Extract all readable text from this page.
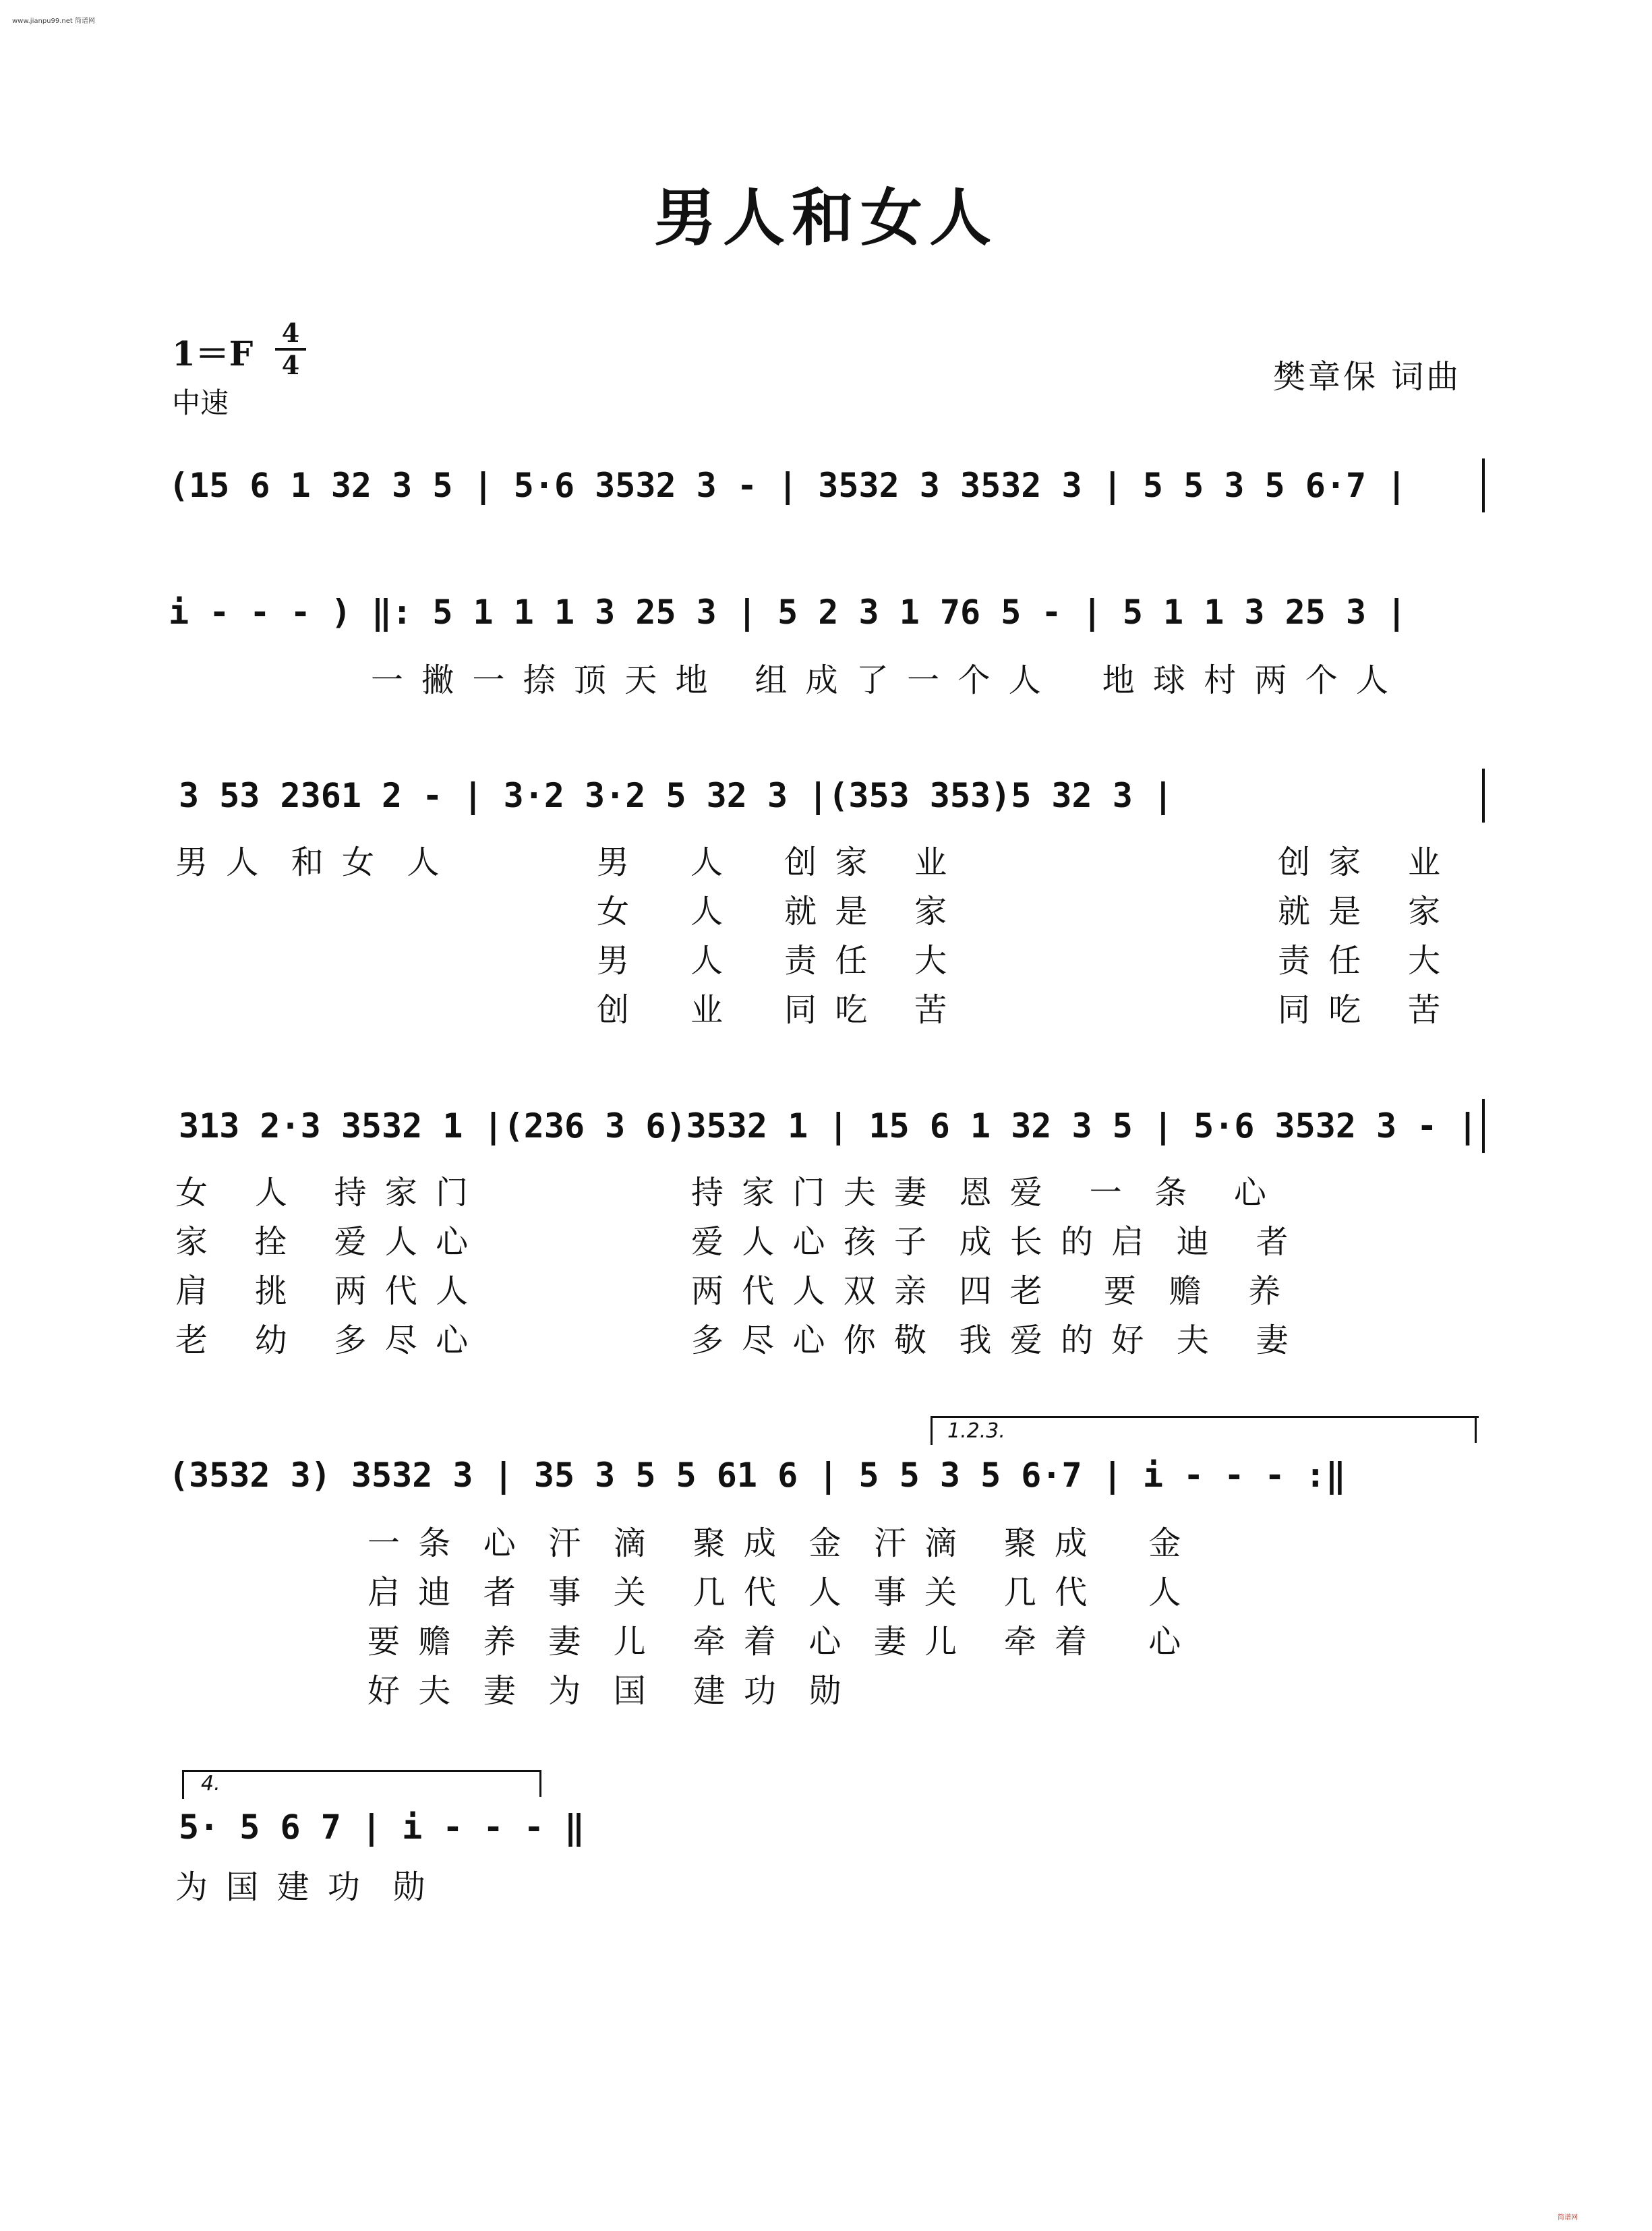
www.jianpu99.net 简谱网
男人和女人
1＝F
4
4
中速
樊章保 词曲
(15 6 1 32 3 5 | 5·6 3532 3 - | 3532 3 3532 3 | 5 5 3 5 6·7 |
i - - - ) ‖: 5 1 1 1 3 25 3 | 5 2 3 1 76 5 - | 5 1 1 3 25 3 |
一 撇 一 捺 顶 天 地   组 成 了 一 个 人    地 球 村 两 个 人
3 53 2361 2 - | 3·2 3·2 5 32 3 |(353 353)5 32 3 |
男 人  和 女  人	男    人    创 家   业
女    人    就 是   家
男    人    责 任   大
创    业    同 吃   苦
创 家   业
就 是   家
责 任   大
同 吃   苦
313 2·3 3532 1 |(236 3 6)3532 1 | 15 6 1 32 3 5 | 5·6 3532 3 - |
女   人   持 家 门
家   拴   爱 人 心
肩   挑   两 代 人
老   幼   多 尽 心
持 家 门 夫 妻  恩 爱   一  条   心
爱 人 心 孩 子  成 长 的 启  迪   者
两 代 人 双 亲  四 老    要  赡   养
多 尽 心 你 敬  我 爱 的 好  夫   妻
1.2.3.
(3532 3) 3532 3 | 35 3 5 5 61 6 | 5 5 3 5 6·7 | i - - - :‖
一 条  心  汗  滴   聚 成  金  汗 滴   聚 成    金
启 迪  者  事  关   几 代  人  事 关   几 代    人
要 赡  养  妻  儿   牵 着  心  妻 儿   牵 着    心
好 夫  妻  为  国   建 功  勋
4.
5· 5 6 7 | i - - - ‖
为 国 建 功  勋
简谱网
